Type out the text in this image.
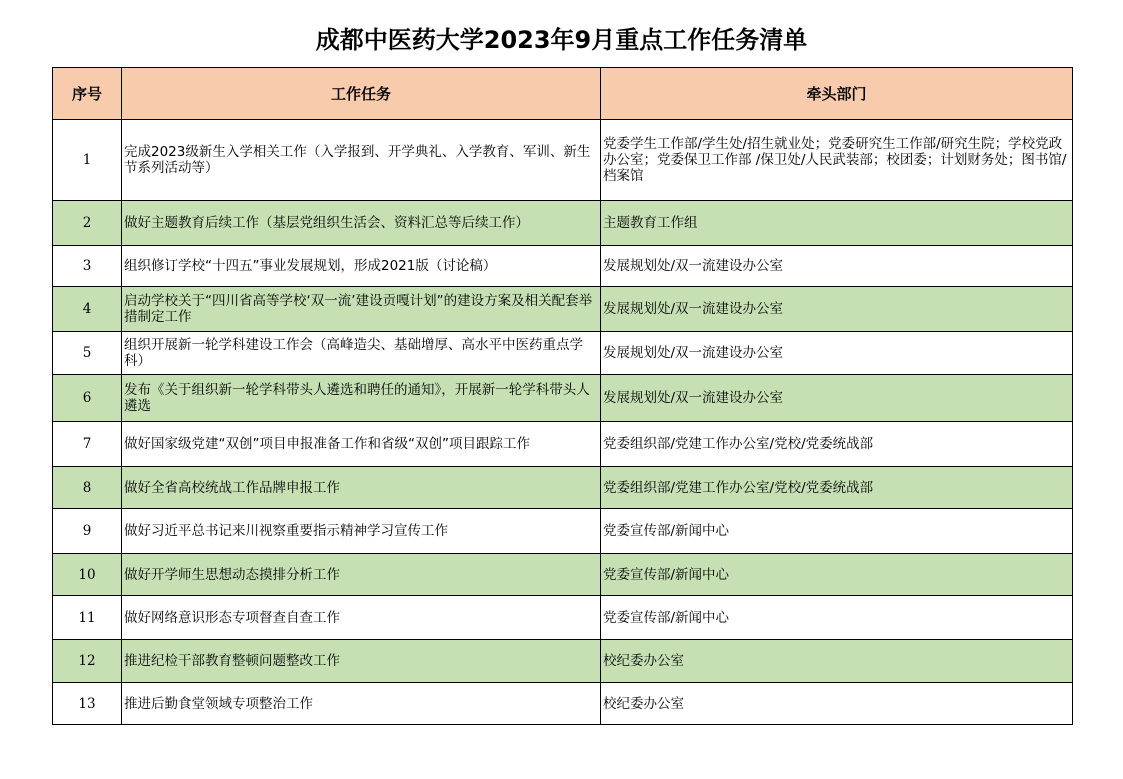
成都中医药大学2023年9月重点工作任务清单
序号	工作任务	牵头部门
1	完成2023级新生入学相关工作（入学报到、开学典礼、入学教育、军训、新生节系列活动等）	党委学生工作部/学生处/招生就业处；党委研究生工作部/研究生院；学校党政办公室；党委保卫工作部 /保卫处/人民武装部；校团委；计划财务处；图书馆/档案馆
2	做好主题教育后续工作（基层党组织生活会、资料汇总等后续工作）	主题教育工作组
3	组织修订学校“十四五”事业发展规划，形成2021版（讨论稿）	发展规划处/双一流建设办公室
4	启动学校关于“四川省高等学校‘双一流’建设贡嘎计划”的建设方案及相关配套举措制定工作	发展规划处/双一流建设办公室
5	组织开展新一轮学科建设工作会（高峰造尖、基础增厚、高水平中医药重点学科）	发展规划处/双一流建设办公室
6	发布《关于组织新一轮学科带头人遴选和聘任的通知》，开展新一轮学科带头人遴选	发展规划处/双一流建设办公室
7	做好国家级党建“双创”项目申报准备工作和省级“双创”项目跟踪工作	党委组织部/党建工作办公室/党校/党委统战部
8	做好全省高校统战工作品牌申报工作	党委组织部/党建工作办公室/党校/党委统战部
9	做好习近平总书记来川视察重要指示精神学习宣传工作	党委宣传部/新闻中心
10	做好开学师生思想动态摸排分析工作	党委宣传部/新闻中心
11	做好网络意识形态专项督查自查工作	党委宣传部/新闻中心
12	推进纪检干部教育整顿问题整改工作	校纪委办公室
13	推进后勤食堂领域专项整治工作	校纪委办公室
